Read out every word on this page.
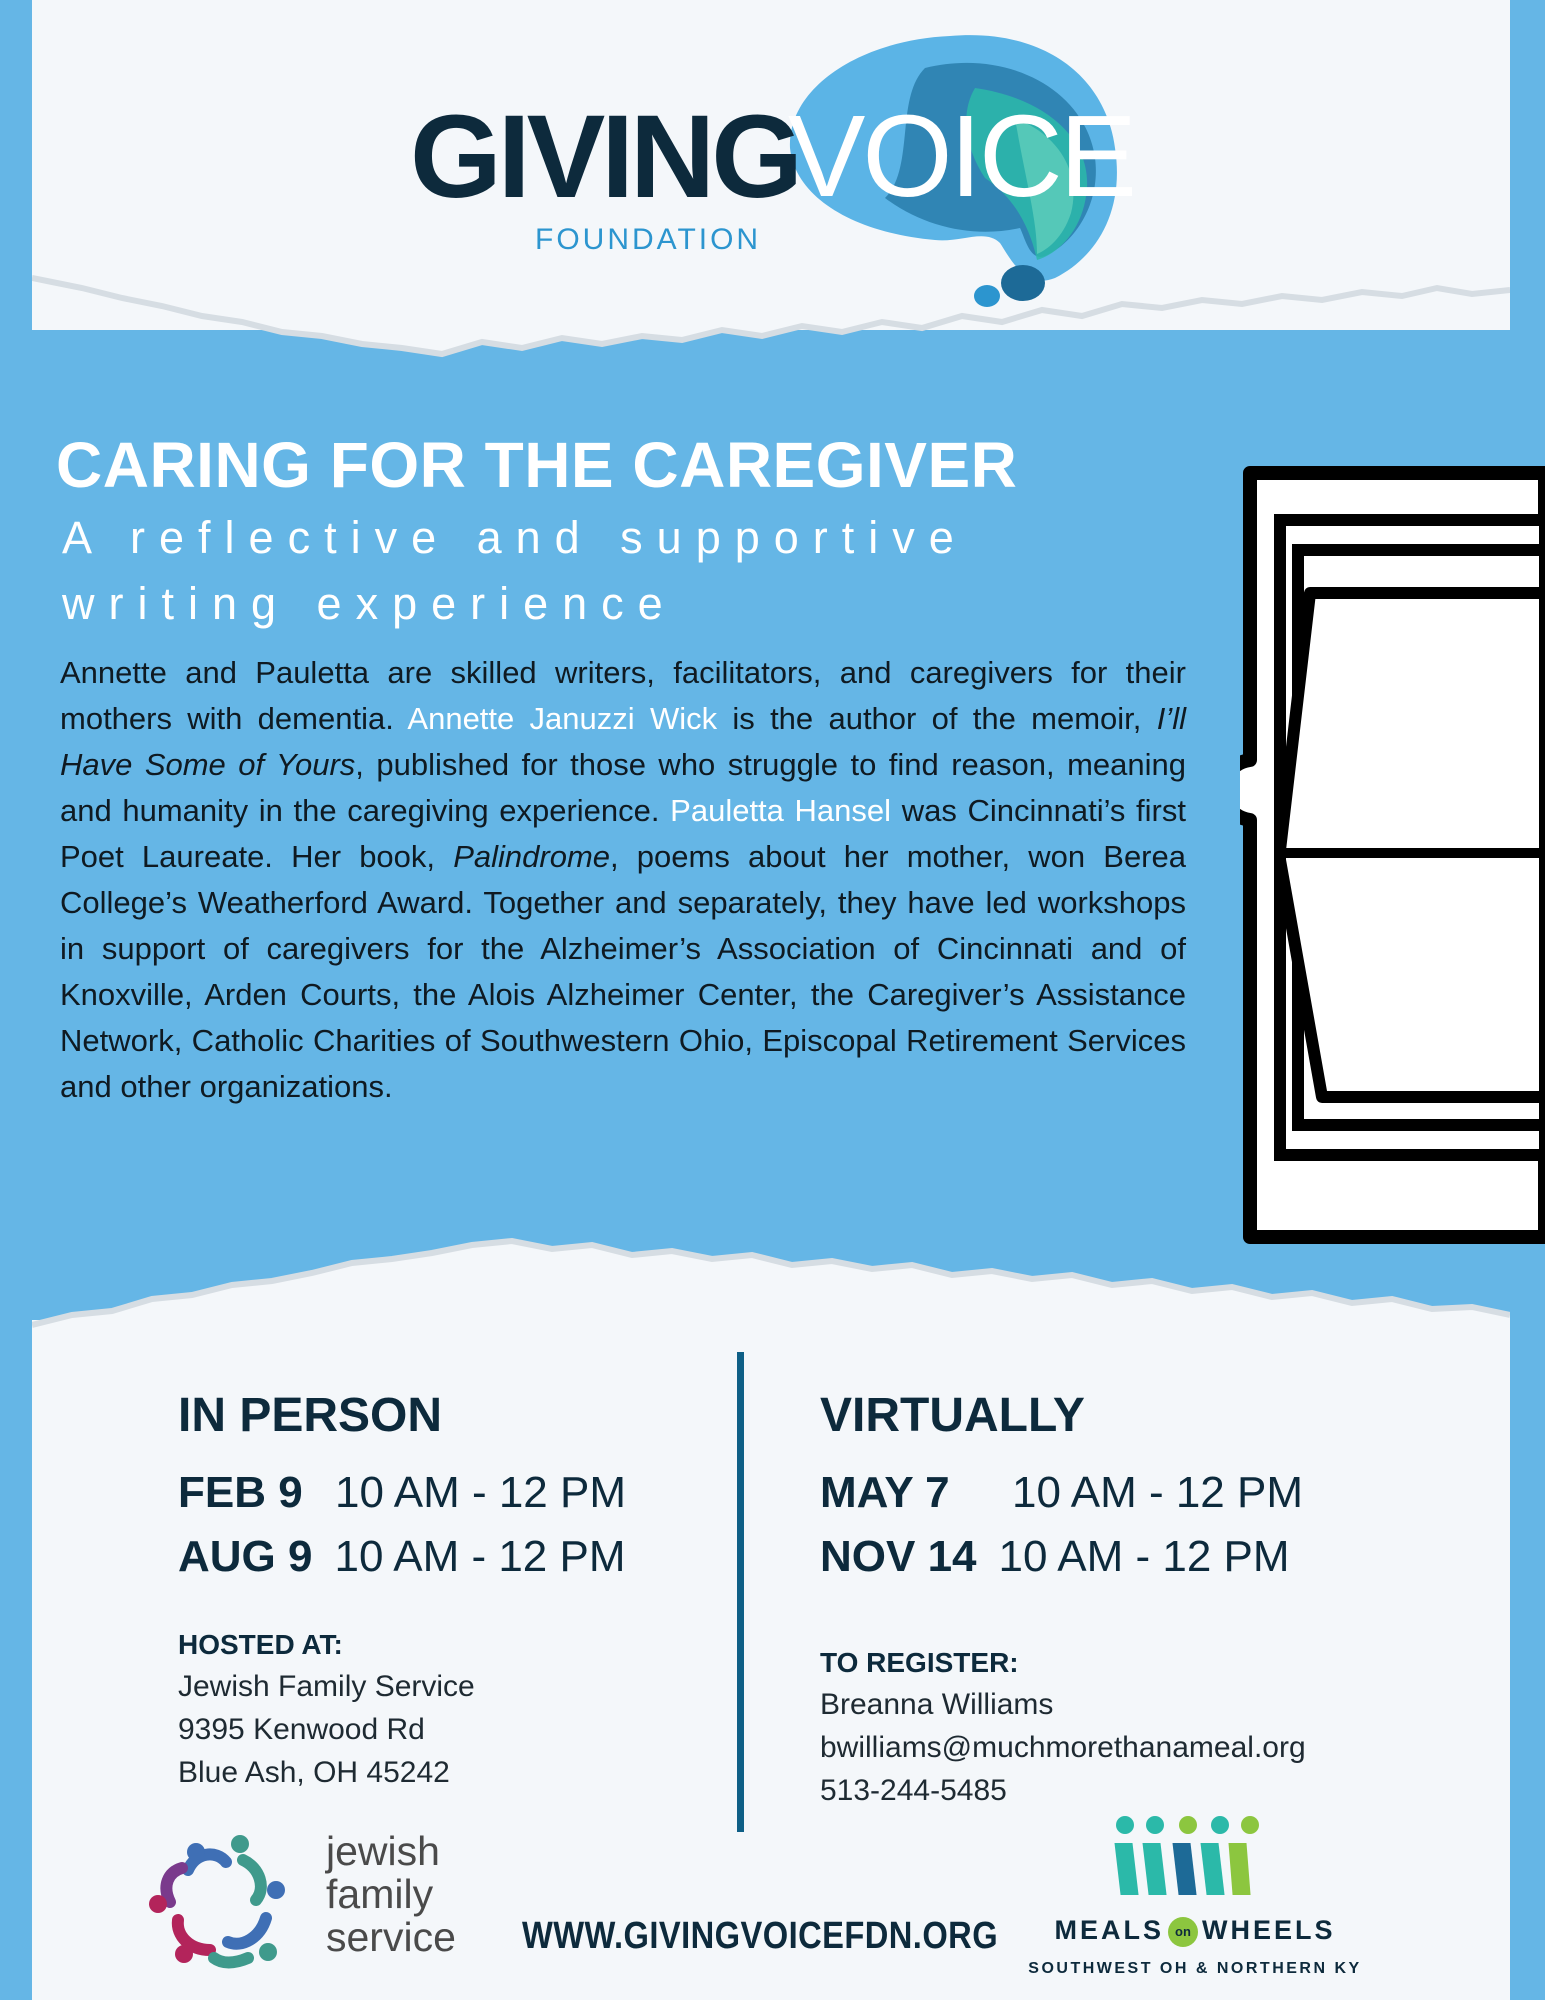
GIVING
VOICE
FOUNDATION
CARING FOR THE CAREGIVER
A reflective and supportive writing experience
Annette and Pauletta are skilled writers, facilitators, and caregivers for their mothers with dementia. Annette Januzzi Wick is the author of the memoir, I’ll Have Some of Yours, published for those who struggle to find reason, meaning and humanity in the caregiving experience. Pauletta Hansel was Cincinnati’s first Poet Laureate. Her book, Palindrome, poems about her mother, won Berea College’s Weatherford Award. Together and separately, they have led workshops in support of caregivers for the Alzheimer’s Association of Cincinnati and of Knoxville, Arden Courts, the Alois Alzheimer Center, the Caregiver’s Assistance Network, Catholic Charities of Southwestern Ohio, Episcopal Retirement Services and other organizations.
IN PERSON
FEB 9 10 AM - 12 PM
AUG 9 10 AM - 12 PM
HOSTED AT:
Jewish Family Service
9395 Kenwood Rd
Blue Ash, OH 45242
VIRTUALLY
MAY 7 10 AM - 12 PM
NOV 14 10 AM - 12 PM
TO REGISTER:
Breanna Williams
bwilliams@muchmorethanameal.org
513-244-5485
jewish
family
service WWW.GIVINGVOICEFDN.ORG	MEALS on WHEELS
SOUTHWEST OH & NORTHERN KY
